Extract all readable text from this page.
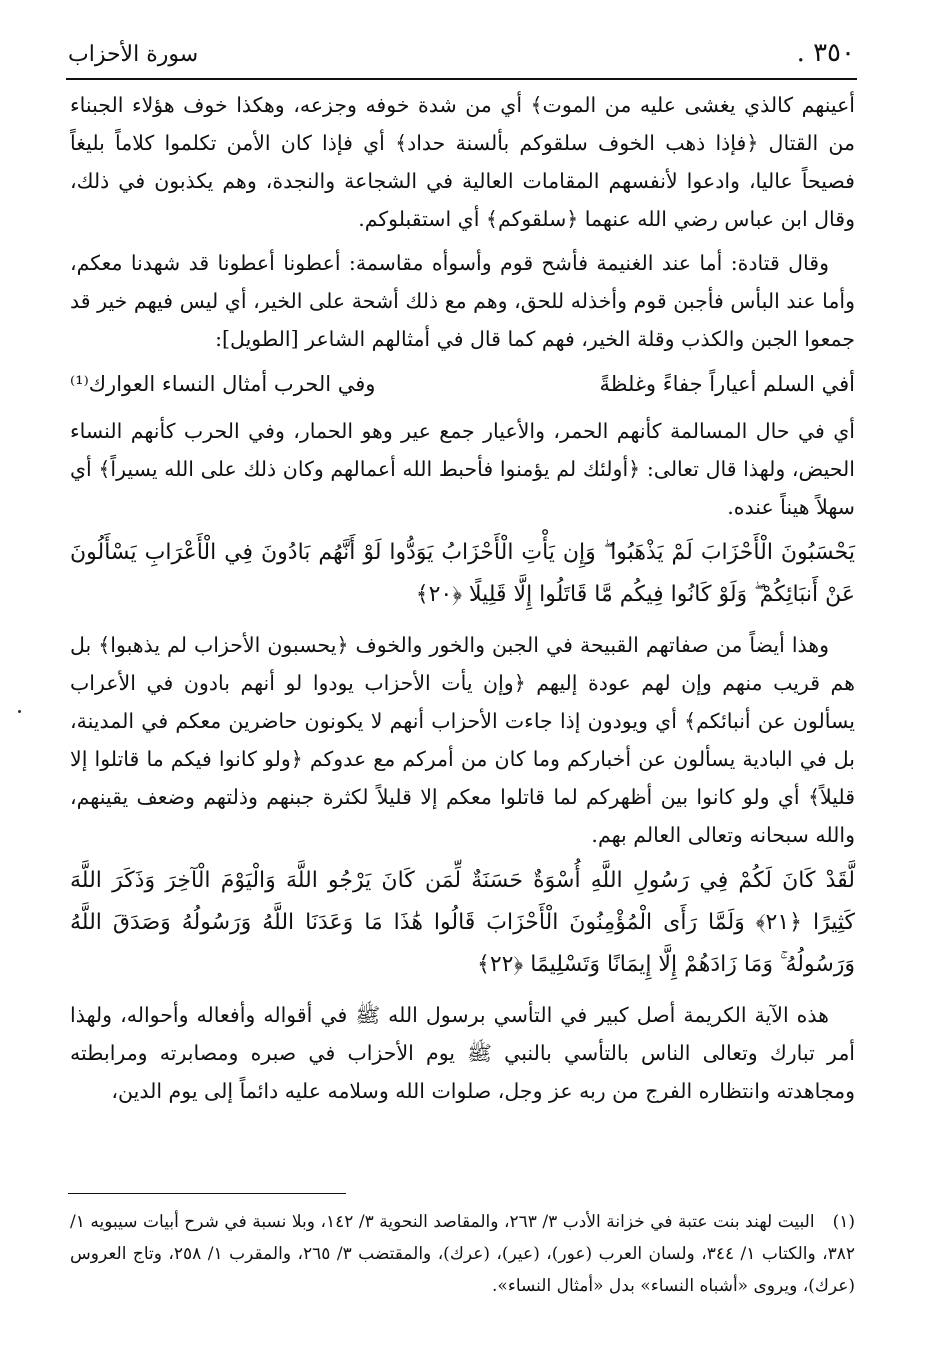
٣٥٠ .
سورة الأحزاب

أعينهم كالذي يغشى عليه من الموت﴾ أي من شدة خوفه وجزعه، وهكذا خوف هؤلاء الجبناء من القتال ﴿فإذا ذهب الخوف سلقوكم بألسنة حداد﴾ أي فإذا كان الأمن تكلموا كلاماً بليغاً فصيحاً عاليا، وادعوا لأنفسهم المقامات العالية في الشجاعة والنجدة، وهم يكذبون في ذلك، وقال ابن عباس رضي الله عنهما ﴿سلقوكم﴾ أي استقبلوكم.

وقال قتادة: أما عند الغنيمة فأشح قوم وأسوأه مقاسمة: أعطونا أعطونا قد شهدنا معكم، وأما عند البأس فأجبن قوم وأخذله للحق، وهم مع ذلك أشحة على الخير، أي ليس فيهم خير قد جمعوا الجبن والكذب وقلة الخير، فهم كما قال في أمثالهم الشاعر [الطويل]:

أفي السلم أعياراً جفاءً وغلظةً
وفي الحرب أمثال النساء العوارك⁽¹⁾

أي في حال المسالمة كأنهم الحمر، والأعيار جمع عير وهو الحمار، وفي الحرب كأنهم النساء الحيض، ولهذا قال تعالى: ﴿أولئك لم يؤمنوا فأحبط الله أعمالهم وكان ذلك على الله يسيراً﴾ أي سهلاً هيناً عنده.

يَحْسَبُونَ الْأَحْزَابَ لَمْ يَذْهَبُوا ۖ وَإِن يَأْتِ الْأَحْزَابُ يَوَدُّوا لَوْ أَنَّهُم بَادُونَ فِي الْأَعْرَابِ يَسْأَلُونَ عَنْ أَنبَائِكُمْ ۖ وَلَوْ كَانُوا فِيكُم مَّا قَاتَلُوا إِلَّا قَلِيلًا ﴿٢٠﴾

وهذا أيضاً من صفاتهم القبيحة في الجبن والخور والخوف ﴿يحسبون الأحزاب لم يذهبوا﴾ بل هم قريب منهم وإن لهم عودة إليهم ﴿وإن يأت الأحزاب يودوا لو أنهم بادون في الأعراب يسألون عن أنبائكم﴾ أي ويودون إذا جاءت الأحزاب أنهم لا يكونون حاضرين معكم في المدينة، بل في البادية يسألون عن أخباركم وما كان من أمركم مع عدوكم ﴿ولو كانوا فيكم ما قاتلوا إلا قليلاً﴾ أي ولو كانوا بين أظهركم لما قاتلوا معكم إلا قليلاً لكثرة جبنهم وذلتهم وضعف يقينهم، والله سبحانه وتعالى العالم بهم.

لَّقَدْ كَانَ لَكُمْ فِي رَسُولِ اللَّهِ أُسْوَةٌ حَسَنَةٌ لِّمَن كَانَ يَرْجُو اللَّهَ وَالْيَوْمَ الْآخِرَ وَذَكَرَ اللَّهَ كَثِيرًا ﴿٢١﴾ وَلَمَّا رَأَى الْمُؤْمِنُونَ الْأَحْزَابَ قَالُوا هَٰذَا مَا وَعَدَنَا اللَّهُ وَرَسُولُهُ وَصَدَقَ اللَّهُ وَرَسُولُهُ ۚ وَمَا زَادَهُمْ إِلَّا إِيمَانًا وَتَسْلِيمًا ﴿٢٢﴾

هذه الآية الكريمة أصل كبير في التأسي برسول الله ﷺ في أقواله وأفعاله وأحواله، ولهذا أمر تبارك وتعالى الناس بالتأسي بالنبي ﷺ يوم الأحزاب في صبره ومصابرته ومرابطته ومجاهدته وانتظاره الفرج من ربه عز وجل، صلوات الله وسلامه عليه دائماً إلى يوم الدين،

(١)البيت لهند بنت عتبة في خزانة الأدب ٣/ ٢٦٣، والمقاصد النحوية ٣/ ١٤٢، وبلا نسبة في شرح أبيات سيبويه ١/ ٣٨٢، والكتاب ١/ ٣٤٤، ولسان العرب (عور)، (عير)، (عرك)، والمقتضب ٣/ ٢٦٥، والمقرب ١/ ٢٥٨، وتاج العروس (عرك)، ويروى «أشباه النساء» بدل «أمثال النساء».
